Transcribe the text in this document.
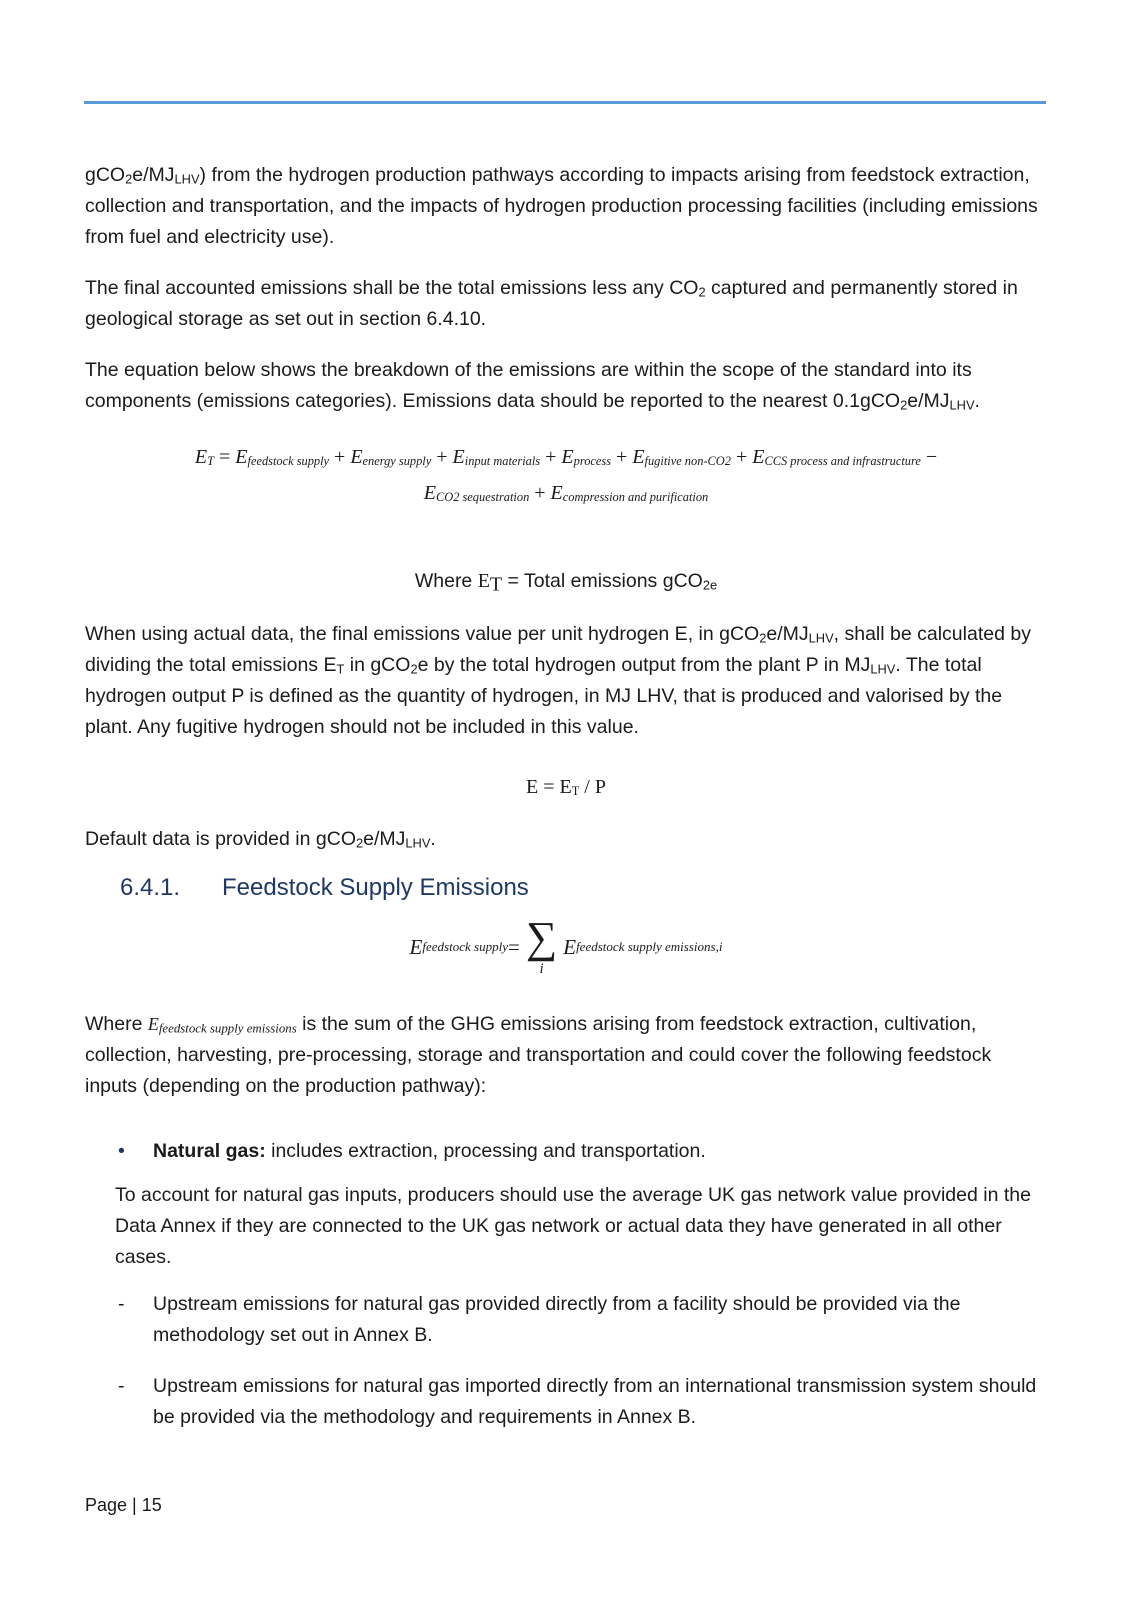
$gCO_2e/MJ_{LHV}$) from the hydrogen production pathways according to impacts arising from feedstock extraction, collection and transportation, and the impacts of hydrogen production processing facilities (including emissions from fuel and electricity use).

The final accounted emissions shall be the total emissions less any $CO_2$ captured and permanently stored in geological storage as set out in section 6.4.10.

The equation below shows the breakdown of the emissions are within the scope of the standard into its components (emissions categories). Emissions data should be reported to the nearest $0.1gCO_2e/MJ_{LHV}$.

$E_T = E_{feedstock supply} + E_{energy supply} + E_{input materials} + E_{process} + E_{fugitive non-CO2} + E_{CCS process and infrastructure}$ −
$E_{CO2 sequestration} + E_{compression and purification}$

Where $E_T$ = Total emissions gCO$_{2e}$

When using actual data, the final emissions value per unit hydrogen E, in $gCO_2e/MJ_{LHV}$, shall be calculated by dividing the total emissions $E_T$ in gCO$_2$e by the total hydrogen output from the plant P in $MJ_{LHV}$. The total hydrogen output P is defined as the quantity of hydrogen, in MJ LHV, that is produced and valorised by the plant. Any fugitive hydrogen should not be included in this value.

$E = E_T / P$

Default data is provided in $gCO_2e/MJ_{LHV}$.

6.4.1.	Feedstock Supply Emissions
E feedstock supply = ∑
i
E feedstock supply emissions,i

Where $E_{feedstock supply emissions}$ is the sum of the GHG emissions arising from feedstock extraction, cultivation, collection, harvesting, pre-processing, storage and transportation and could cover the following feedstock inputs (depending on the production pathway):

•	Natural gas: includes extraction, processing and transportation.

To account for natural gas inputs, producers should use the average UK gas network value provided in the Data Annex if they are connected to the UK gas network or actual data they have generated in all other cases.

-	Upstream emissions for natural gas provided directly from a facility should be provided via the methodology set out in Annex B.

-	Upstream emissions for natural gas imported directly from an international transmission system should be provided via the methodology and requirements in Annex B.

Page | 15
